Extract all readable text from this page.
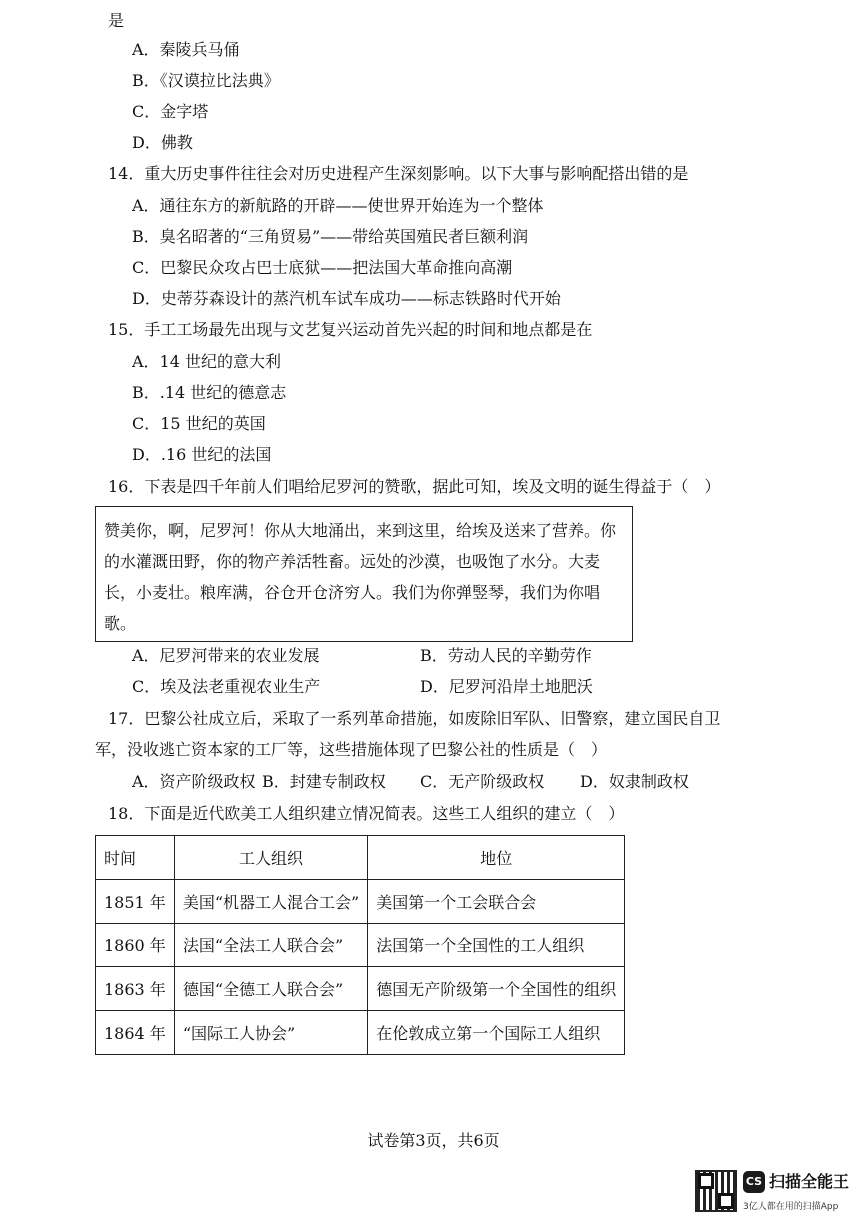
是
A．秦陵兵马俑
B．《汉谟拉比法典》
C．金字塔
D．佛教
14．重大历史事件往往会对历史进程产生深刻影响。以下大事与影响配搭出错的是
A．通往东方的新航路的开辟——使世界开始连为一个整体
B．臭名昭著的“三角贸易”——带给英国殖民者巨额利润
C．巴黎民众攻占巴士底狱——把法国大革命推向高潮
D．史蒂芬森设计的蒸汽机车试车成功——标志铁路时代开始
15．手工工场最先出现与文艺复兴运动首先兴起的时间和地点都是在
A．14 世纪的意大利
B．.14 世纪的德意志
C．15 世纪的英国
D．.16 世纪的法国
16．下表是四千年前人们唱给尼罗河的赞歌，据此可知，埃及文明的诞生得益于（　）
赞美你，啊，尼罗河！你从大地涌出，来到这里，给埃及送来了营养。你
的水灌溉田野，你的物产养活牲畜。远处的沙漠，也吸饱了水分。大麦
长，小麦壮。粮库满，谷仓开仓济穷人。我们为你弹竪琴，我们为你唱
歌。
A．尼罗河带来的农业发展	B．劳动人民的辛勤劳作
C．埃及法老重视农业生产	D．尼罗河沿岸土地肥沃
17．巴黎公社成立后，采取了一系列革命措施，如废除旧军队、旧警察，建立国民自卫
军，没收逃亡资本家的工厂等，这些措施体现了巴黎公社的性质是（　）
A．资产阶级政权 B．封建专制政权 C．无产阶级政权 D．奴隶制政权
18．下面是近代欧美工人组织建立情况简表。这些工人组织的建立（　）
时间	工人组织	地位
1851 年	美国“机器工人混合工会”	美国第一个工会联合会
1860 年	法国“全法工人联合会”	法国第一个全国性的工人组织
1863 年	德国“全德工人联合会”	德国无产阶级第一个全国性的组织
1864 年	“国际工人协会”	在伦敦成立第一个国际工人组织
试卷第3页，共6页
CS 扫描全能王
3亿人都在用的扫描App
